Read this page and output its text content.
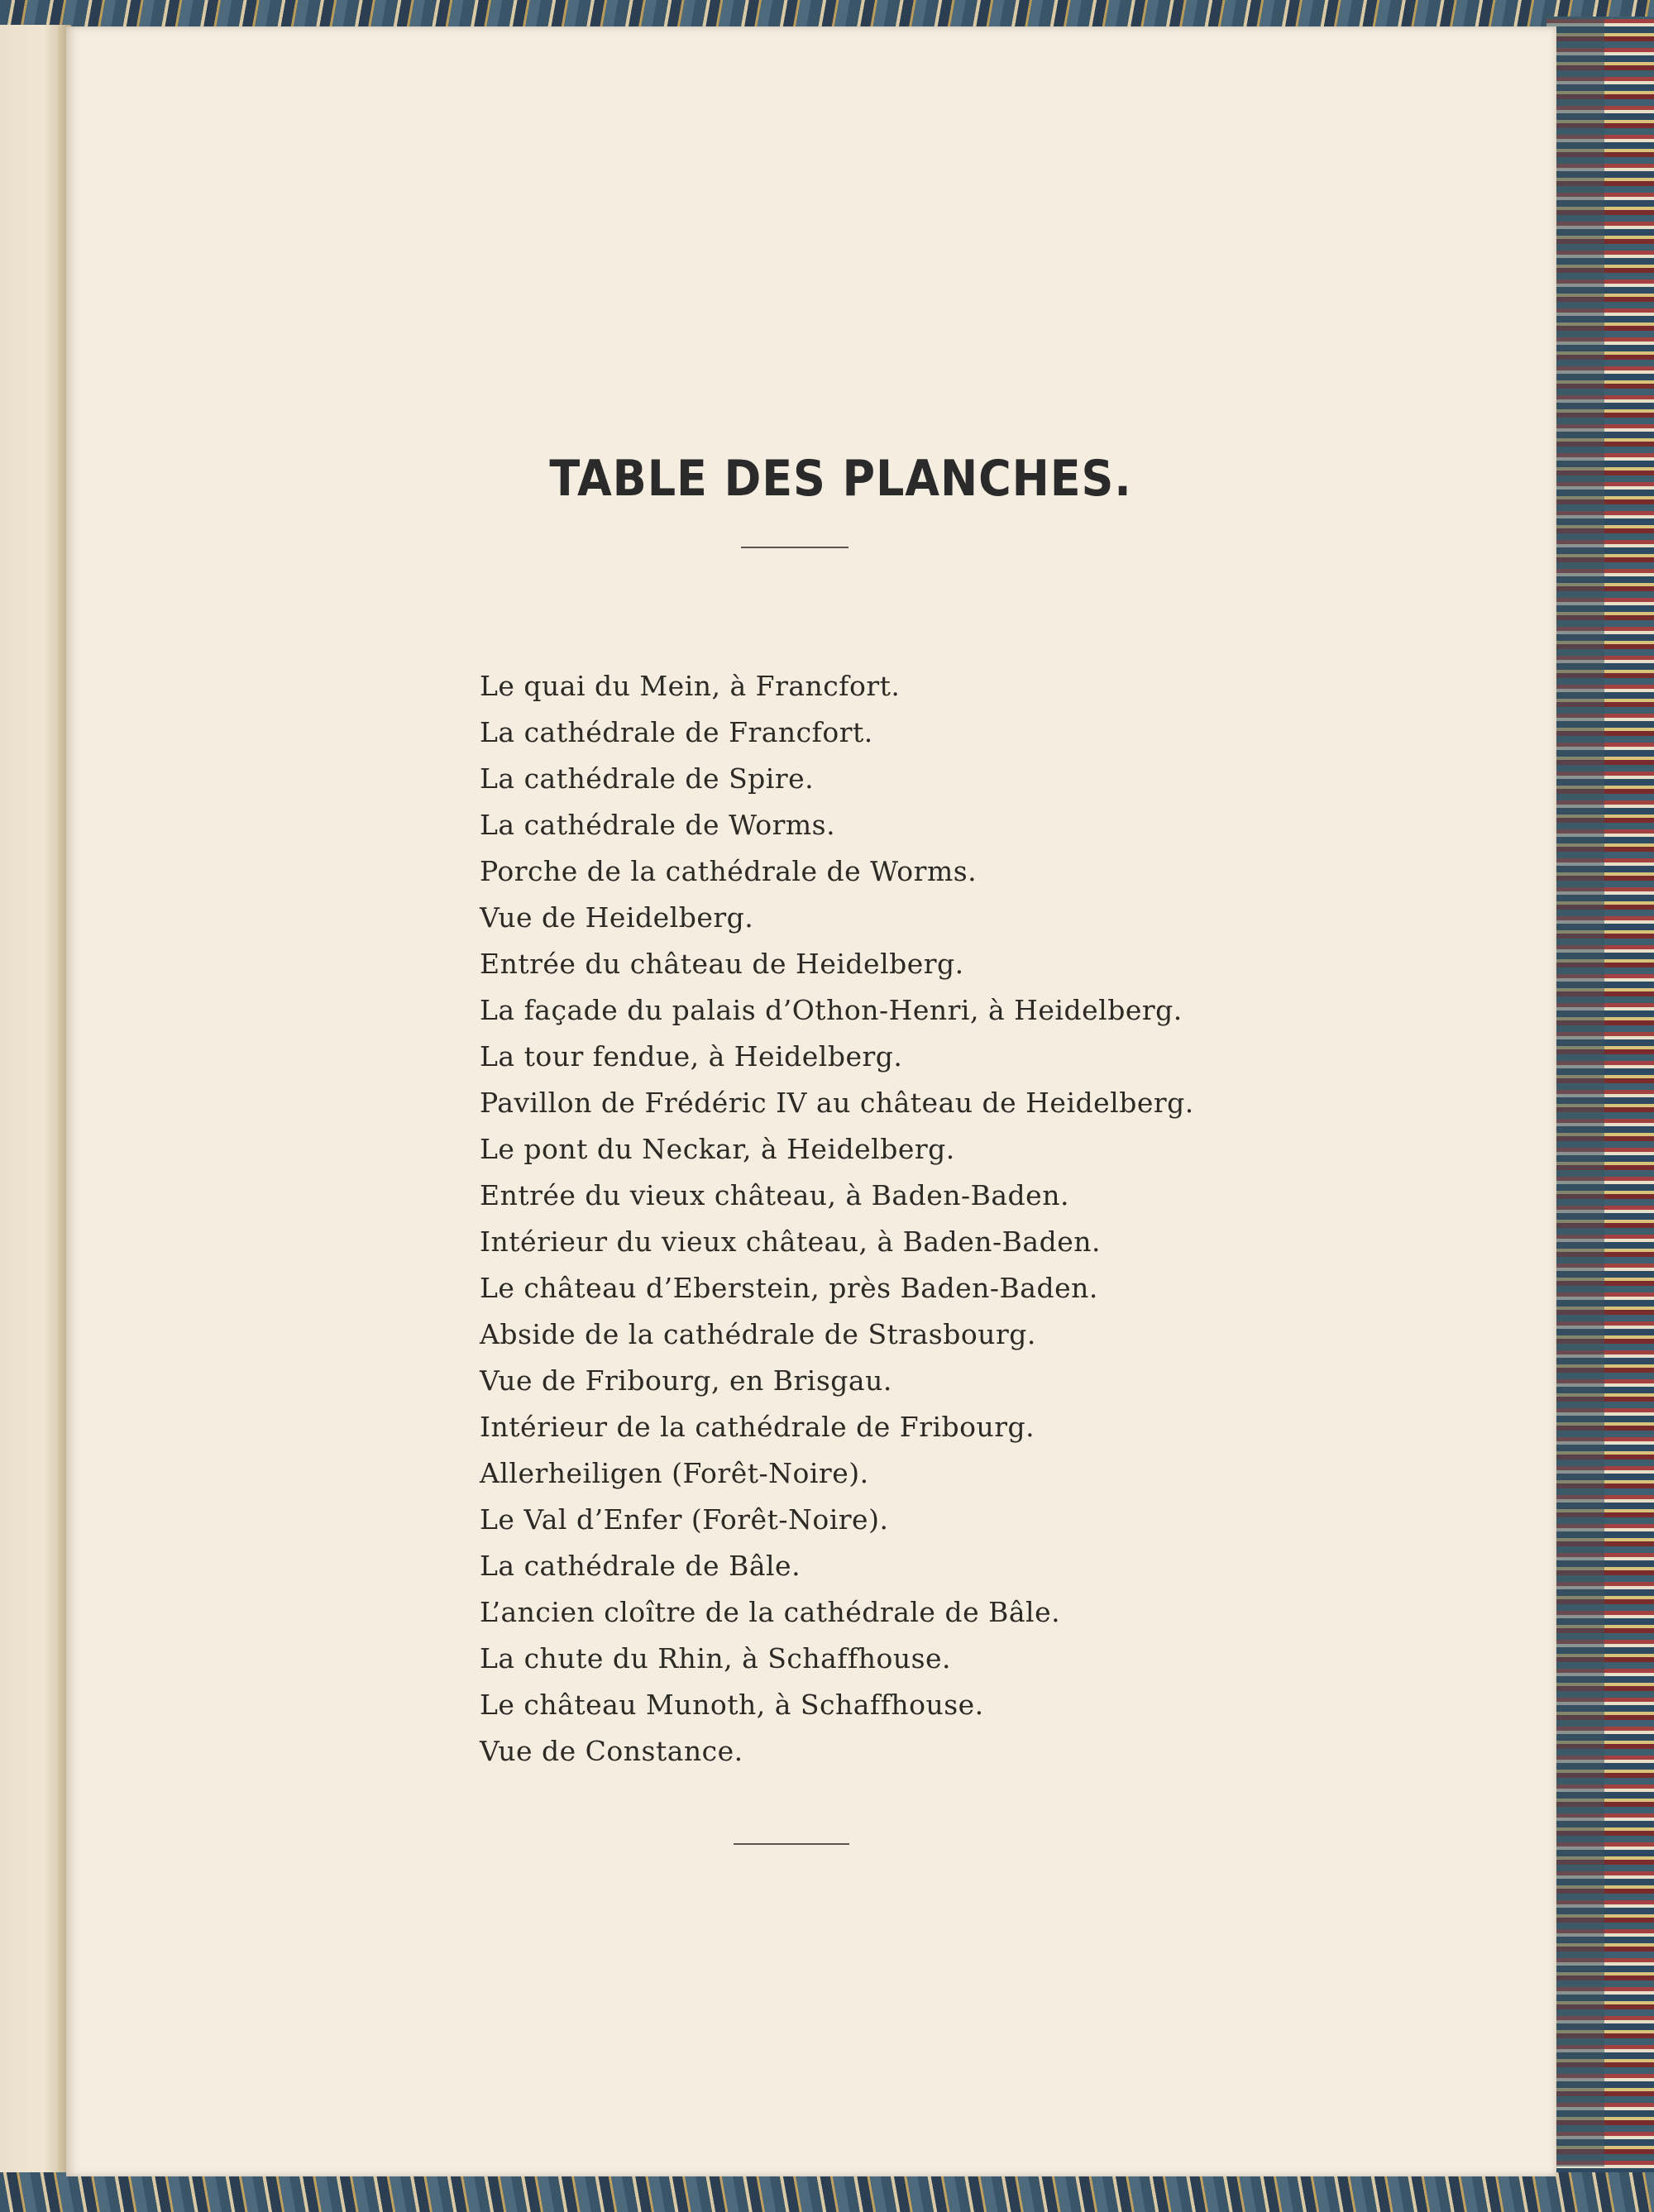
TABLE DES PLANCHES.
Le quai du Mein, à Francfort.
La cathédrale de Francfort.
La cathédrale de Spire.
La cathédrale de Worms.
Porche de la cathédrale de Worms.
Vue de Heidelberg.
Entrée du château de Heidelberg.
La façade du palais d’Othon-Henri, à Heidelberg.
La tour fendue, à Heidelberg.
Pavillon de Frédéric IV au château de Heidelberg.
Le pont du Neckar, à Heidelberg.
Entrée du vieux château, à Baden-Baden.
Intérieur du vieux château, à Baden-Baden.
Le château d’Eberstein, près Baden-Baden.
Abside de la cathédrale de Strasbourg.
Vue de Fribourg, en Brisgau.
Intérieur de la cathédrale de Fribourg.
Allerheiligen (Forêt-Noire).
Le Val d’Enfer (Forêt-Noire).
La cathédrale de Bâle.
L’ancien cloître de la cathédrale de Bâle.
La chute du Rhin, à Schaffhouse.
Le château Munoth, à Schaffhouse.
Vue de Constance.
